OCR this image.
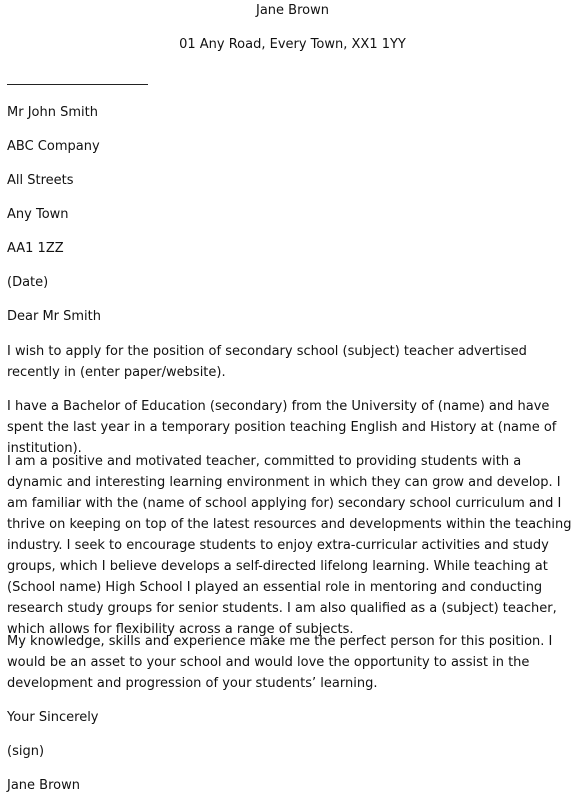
Jane Brown
01 Any Road, Every Town, XX1 1YY
Mr John Smith
ABC Company
All Streets
Any Town
AA1 1ZZ
(Date)
Dear Mr Smith
I wish to apply for the position of secondary school (subject) teacher advertised recently in (enter paper/website).
I have a Bachelor of Education (secondary) from the University of (name) and have spent the last year in a temporary position teaching English and History at (name of institution).
I am a positive and motivated teacher, committed to providing students with a dynamic and interesting learning environment in which they can grow and develop. I am familiar with the (name of school applying for) secondary school curriculum and I thrive on keeping on top of the latest resources and developments within the teaching industry. I seek to encourage students to enjoy extra-curricular activities and study groups, which I believe develops a self-directed lifelong learning. While teaching at (School name) High School I played an essential role in mentoring and conducting research study groups for senior students. I am also qualified as a (subject) teacher, which allows for flexibility across a range of subjects.
My knowledge, skills and experience make me the perfect person for this position. I would be an asset to your school and would love the opportunity to assist in the development and progression of your students’ learning.
Your Sincerely
(sign)
Jane Brown
